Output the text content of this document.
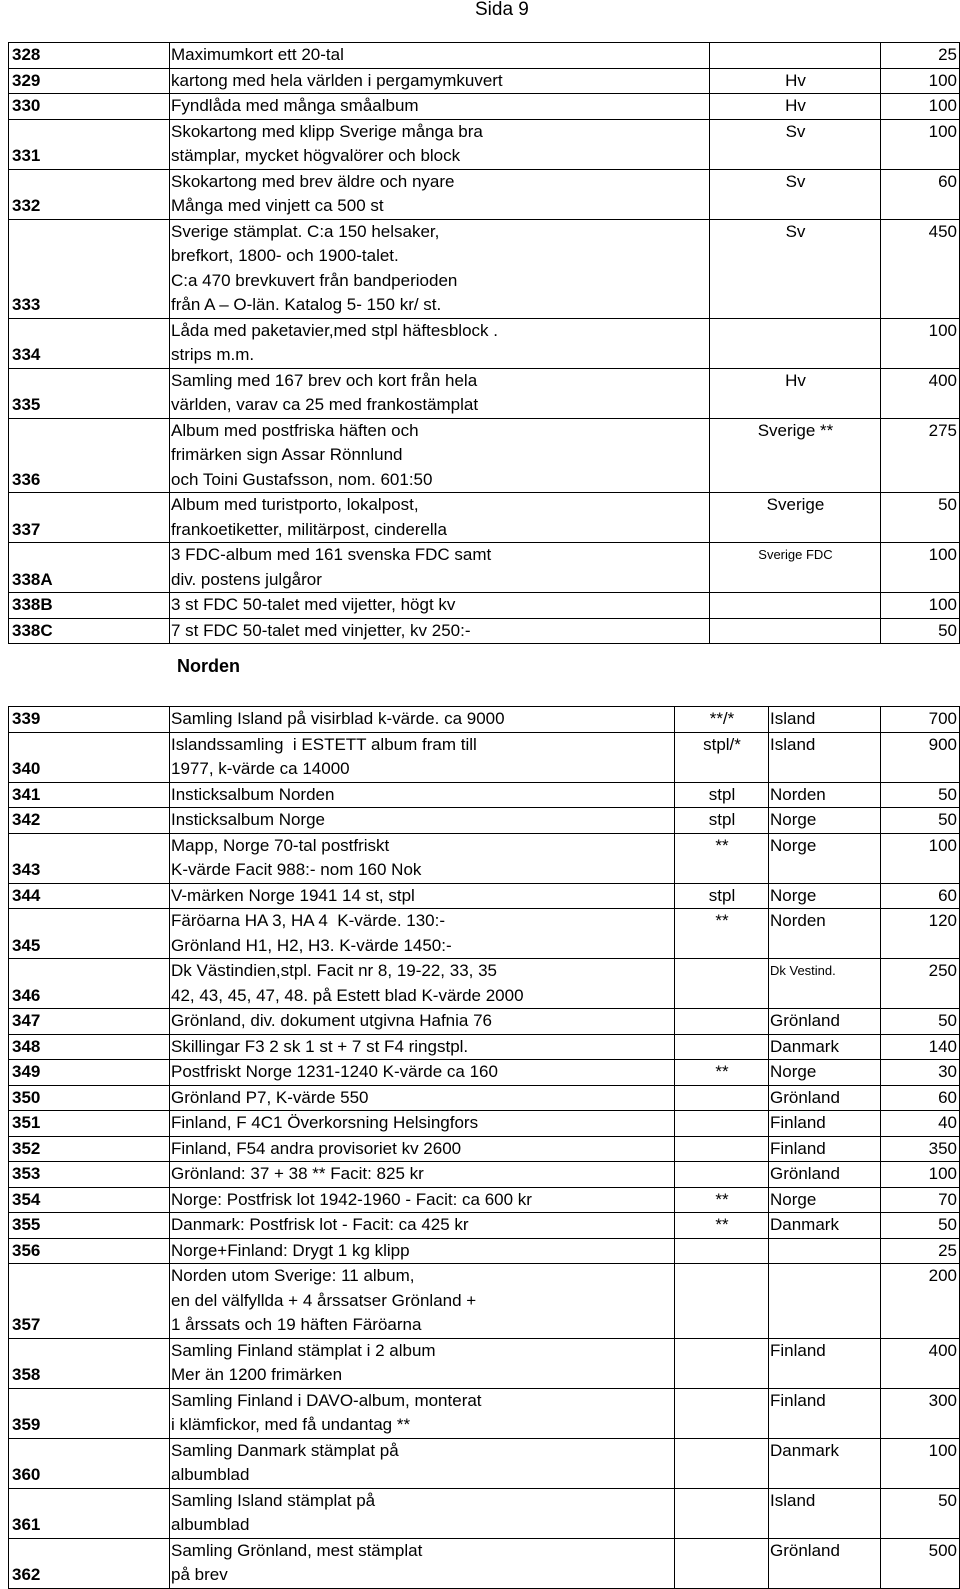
Sida 9
328	Maximumkort ett 20-tal		25
329	kartong med hela världen i pergamymkuvert	Hv	100
330	Fyndlåda med många småalbum	Hv	100
331	Skokartong med klipp Sverige många bra
stämplar, mycket högvalörer och block	Sv	100
332	Skokartong med brev äldre och nyare
Många med vinjett ca 500 st	Sv	60
333	Sverige stämplat. C:a 150 helsaker,
brefkort, 1800- och 1900-talet.
C:a 470 brevkuvert från bandperioden
från A – O-län. Katalog 5- 150 kr/ st.	Sv	450
334	Låda med paketavier,med stpl häftesblock .
strips m.m.		100
335	Samling med 167 brev och kort från hela
världen, varav ca 25 med frankostämplat	Hv	400
336	Album med postfriska häften och
frimärken sign Assar Rönnlund
och Toini Gustafsson, nom. 601:50	Sverige **	275
337	Album med turistporto, lokalpost,
frankoetiketter, militärpost, cinderella	Sverige	50
338A	3 FDC-album med 161 svenska FDC samt
div. postens julgåror	Sverige FDC	100
338B	3 st FDC 50-talet med vijetter, högt kv		100
338C	7 st FDC 50-talet med vinjetter, kv 250:-		50
Norden
339	Samling Island på visirblad k-värde. ca 9000	**/*	Island	700
340	Islandssamling  i ESTETT album fram till
1977, k-värde ca 14000	stpl/*	Island	900
341	Insticksalbum Norden	stpl	Norden	50
342	Insticksalbum Norge	stpl	Norge	50
343	Mapp, Norge 70-tal postfriskt
K-värde Facit 988:- nom 160 Nok	**	Norge	100
344	V-märken Norge 1941 14 st, stpl	stpl	Norge	60
345	Färöarna HA 3, HA 4  K-värde. 130:-
Grönland H1, H2, H3. K-värde 1450:-	**	Norden	120
346	Dk Västindien,stpl. Facit nr 8, 19-22, 33, 35
42, 43, 45, 47, 48. på Estett blad K-värde 2000		Dk Vestind.	250
347	Grönland, div. dokument utgivna Hafnia 76		Grönland	50
348	Skillingar F3 2 sk 1 st + 7 st F4 ringstpl.		Danmark	140
349	Postfriskt Norge 1231-1240 K-värde ca 160	**	Norge	30
350	Grönland P7, K-värde 550		Grönland	60
351	Finland, F 4C1 Överkorsning Helsingfors		Finland	40
352	Finland, F54 andra provisoriet kv 2600		Finland	350
353	Grönland: 37 + 38 ** Facit: 825 kr		Grönland	100
354	Norge: Postfrisk lot 1942-1960 - Facit: ca 600 kr	**	Norge	70
355	Danmark: Postfrisk lot - Facit: ca 425 kr	**	Danmark	50
356	Norge+Finland: Drygt 1 kg klipp			25
357	Norden utom Sverige: 11 album,
en del välfyllda + 4 årssatser Grönland +
1 årssats och 19 häften Färöarna			200
358	Samling Finland stämplat i 2 album
Mer än 1200 frimärken		Finland	400
359	Samling Finland i DAVO-album, monterat
i klämfickor, med få undantag **		Finland	300
360	Samling Danmark stämplat på
albumblad		Danmark	100
361	Samling Island stämplat på
albumblad		Island	50
362	Samling Grönland, mest stämplat
på brev		Grönland	500
